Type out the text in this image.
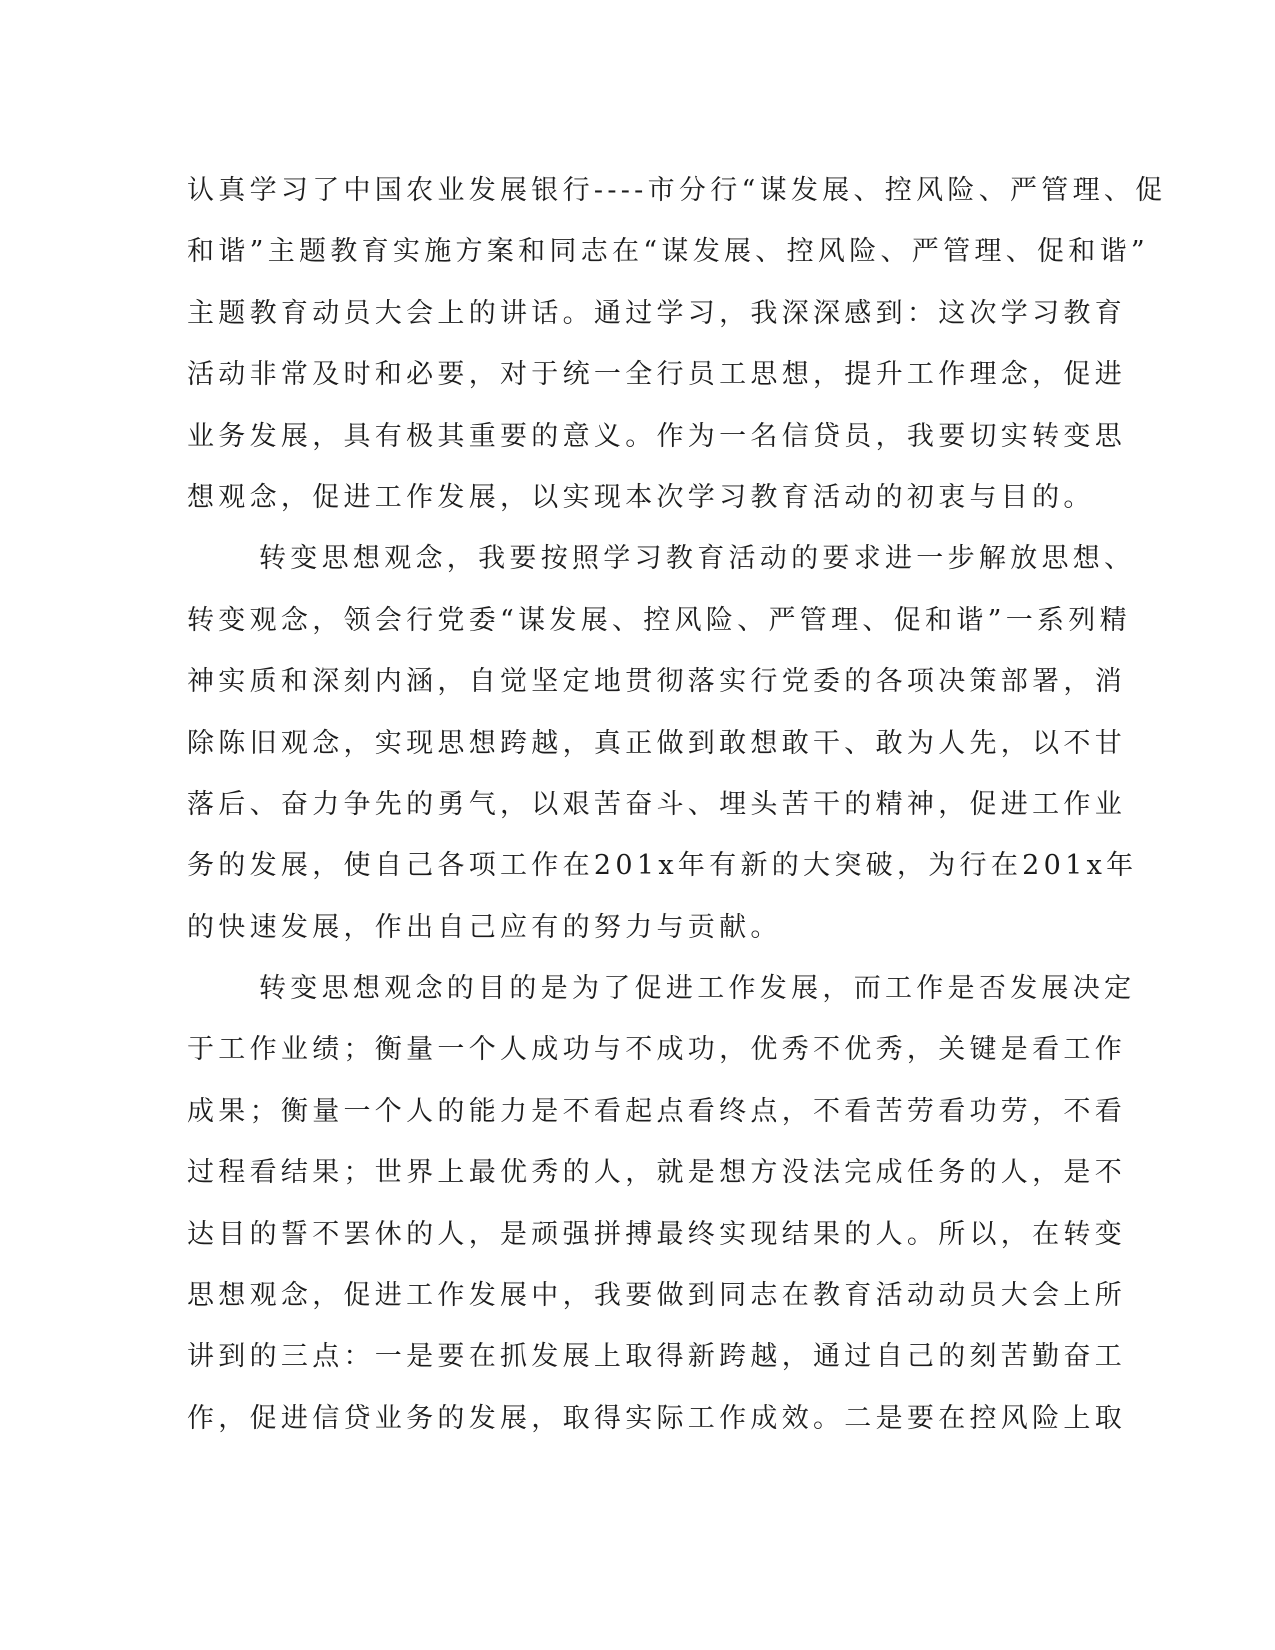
认真学习了中国农业发展银行----市分行“谋发展、控风险、严管理、促
和谐”主题教育实施方案和同志在“谋发展、控风险、严管理、促和谐”
主题教育动员大会上的讲话。通过学习，我深深感到：这次学习教育
活动非常及时和必要，对于统一全行员工思想，提升工作理念，促进
业务发展，具有极其重要的意义。作为一名信贷员，我要切实转变思
想观念，促进工作发展，以实现本次学习教育活动的初衷与目的。
转变思想观念，我要按照学习教育活动的要求进一步解放思想、
转变观念，领会行党委“谋发展、控风险、严管理、促和谐”一系列精
神实质和深刻内涵，自觉坚定地贯彻落实行党委的各项决策部署，消
除陈旧观念，实现思想跨越，真正做到敢想敢干、敢为人先，以不甘
落后、奋力争先的勇气，以艰苦奋斗、埋头苦干的精神，促进工作业
务的发展，使自己各项工作在201x年有新的大突破，为行在201x年
的快速发展，作出自己应有的努力与贡献。
转变思想观念的目的是为了促进工作发展，而工作是否发展决定
于工作业绩；衡量一个人成功与不成功，优秀不优秀，关键是看工作
成果；衡量一个人的能力是不看起点看终点，不看苦劳看功劳，不看
过程看结果；世界上最优秀的人，就是想方没法完成任务的人，是不
达目的誓不罢休的人，是顽强拼搏最终实现结果的人。所以，在转变
思想观念，促进工作发展中，我要做到同志在教育活动动员大会上所
讲到的三点：一是要在抓发展上取得新跨越，通过自己的刻苦勤奋工
作，促进信贷业务的发展，取得实际工作成效。二是要在控风险上取
